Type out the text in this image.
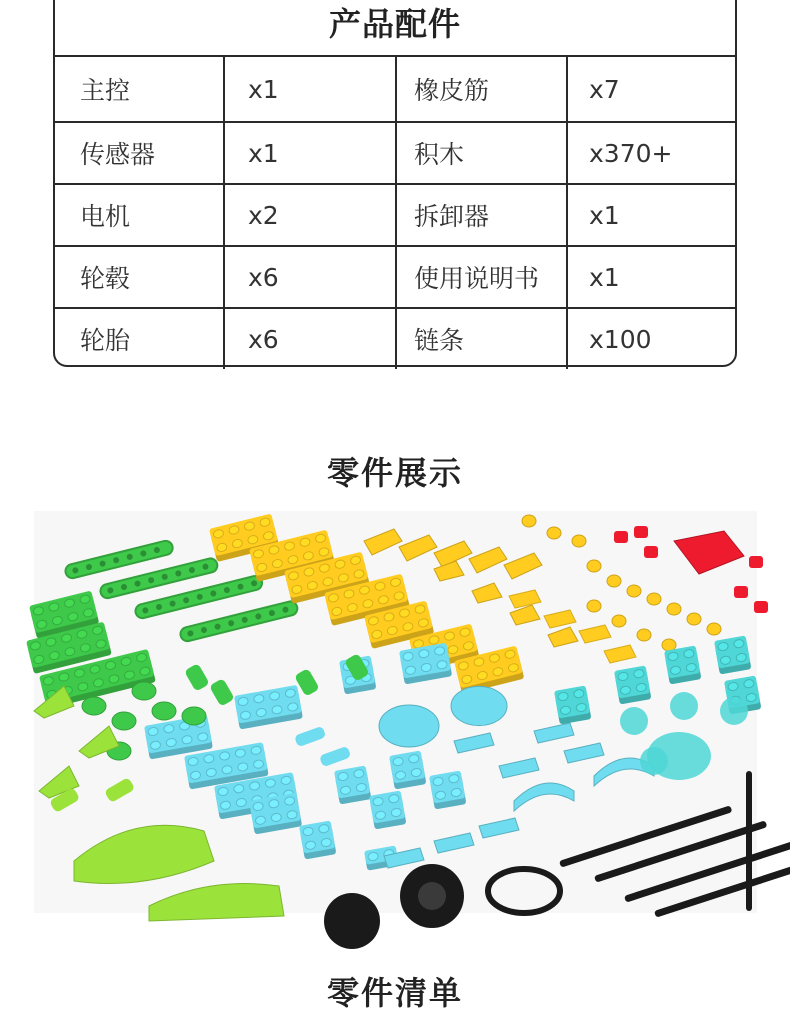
产品配件
主控	x1	橡皮筋	x7
传感器	x1	积木	x370+
电机	x2	拆卸器	x1
轮毂	x6	使用说明书	x1
轮胎	x6	链条	x100
零件展示
零件清单
